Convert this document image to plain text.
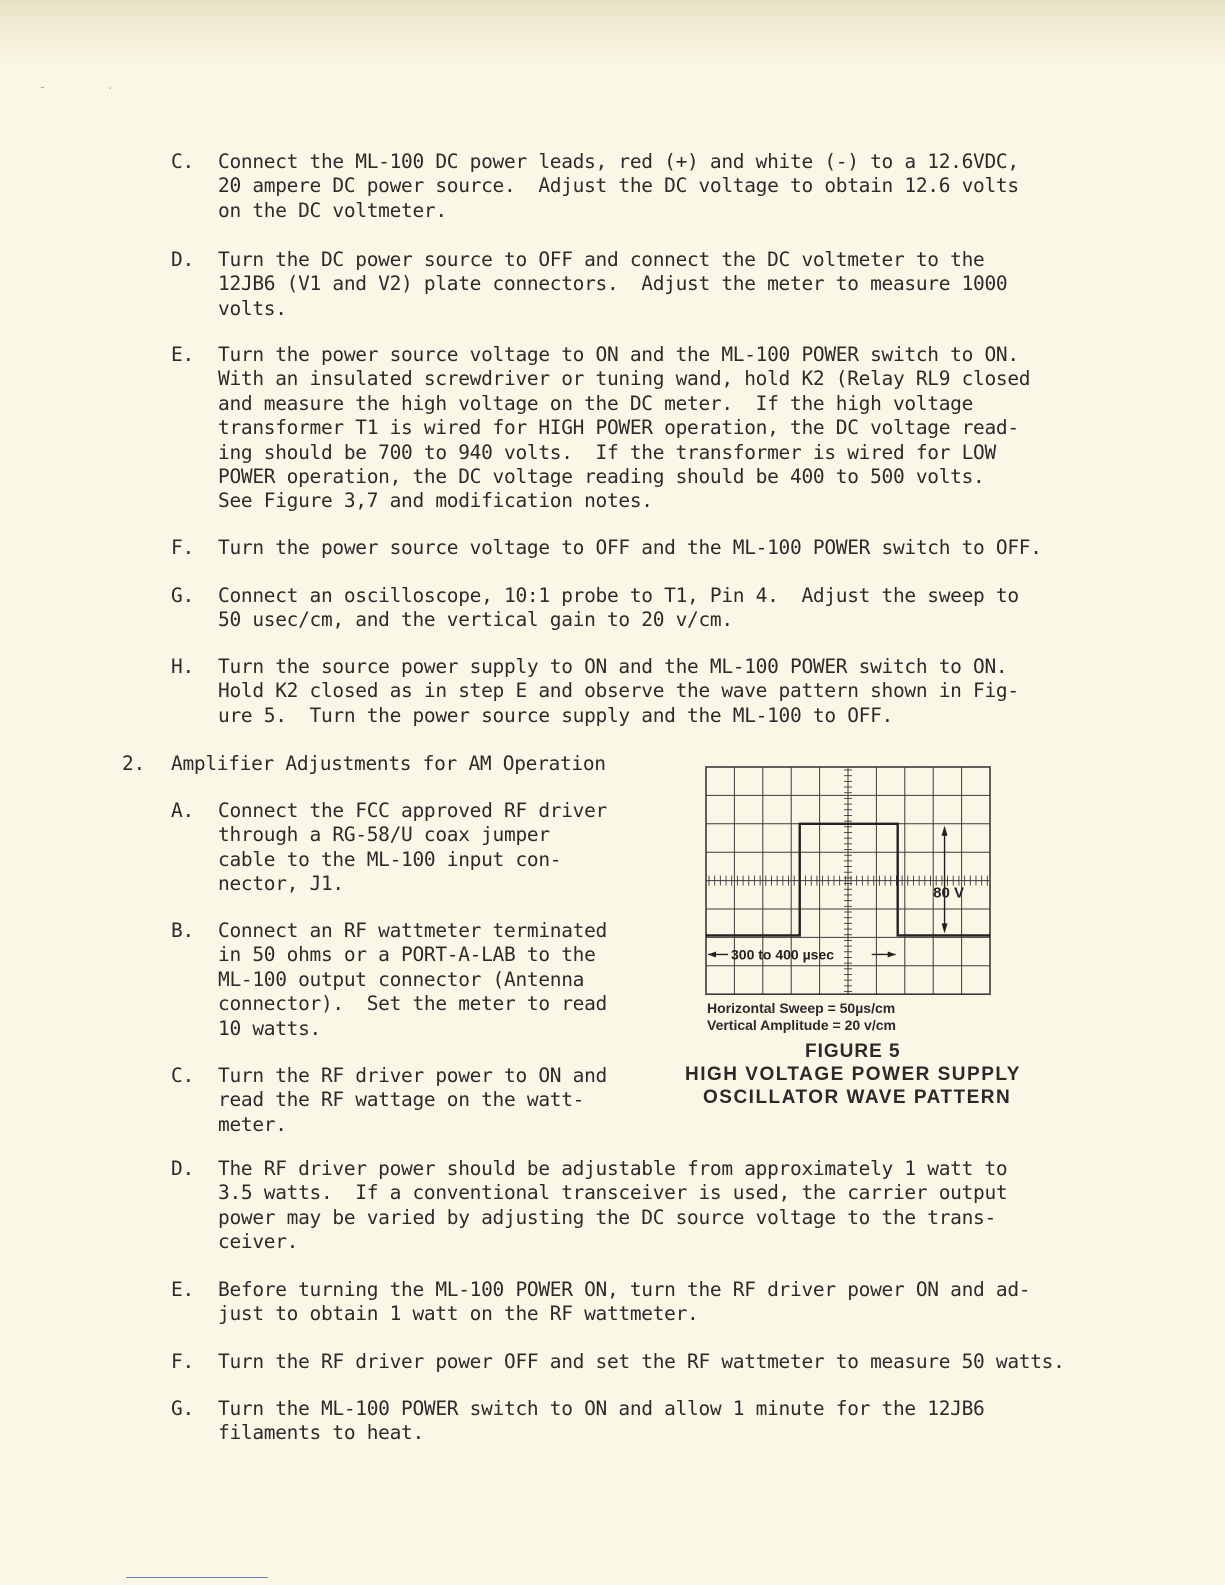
-	·
C. Connect the ML-100 DC power leads, red (+) and white (-) to a 12.6VDC,
20 ampere DC power source.  Adjust the DC voltage to obtain 12.6 volts
on the DC voltmeter.
D. Turn the DC power source to OFF and connect the DC voltmeter to the
12JB6 (V1 and V2) plate connectors.  Adjust the meter to measure 1000
volts.
E. Turn the power source voltage to ON and the ML-100 POWER switch to ON.
With an insulated screwdriver or tuning wand, hold K2 (Relay RL9 closed
and measure the high voltage on the DC meter.  If the high voltage
transformer T1 is wired for HIGH POWER operation, the DC voltage read-
ing should be 700 to 940 volts.  If the transformer is wired for LOW
POWER operation, the DC voltage reading should be 400 to 500 volts.
See Figure 3,7 and modification notes.
F. Turn the power source voltage to OFF and the ML-100 POWER switch to OFF.
G. Connect an oscilloscope, 10:1 probe to T1, Pin 4.  Adjust the sweep to
50 usec/cm, and the vertical gain to 20 v/cm.
H. Turn the source power supply to ON and the ML-100 POWER switch to ON.
Hold K2 closed as in step E and observe the wave pattern shown in Fig-
ure 5.  Turn the power source supply and the ML-100 to OFF.
2. Amplifier Adjustments for AM Operation
A. Connect the FCC approved RF driver
through a RG-58/U coax jumper
cable to the ML-100 input con-
nector, J1.
B. Connect an RF wattmeter terminated
in 50 ohms or a PORT-A-LAB to the
ML-100 output connector (Antenna
connector).  Set the meter to read
10 watts.
C. Turn the RF driver power to ON and
read the RF wattage on the watt-
meter.
D. The RF driver power should be adjustable from approximately 1 watt to
3.5 watts.  If a conventional transceiver is used, the carrier output
power may be varied by adjusting the DC source voltage to the trans-
ceiver.
E. Before turning the ML-100 POWER ON, turn the RF driver power ON and ad-
just to obtain 1 watt on the RF wattmeter.
F. Turn the RF driver power OFF and set the RF wattmeter to measure 50 watts.
G. Turn the ML-100 POWER switch to ON and allow 1 minute for the 12JB6
filaments to heat.
80 V
300 to 400 µsec
Horizontal Sweep = 50µs/cm
Vertical Amplitude = 20 v/cm
FIGURE 5
HIGH VOLTAGE POWER SUPPLY
OSCILLATOR WAVE PATTERN
